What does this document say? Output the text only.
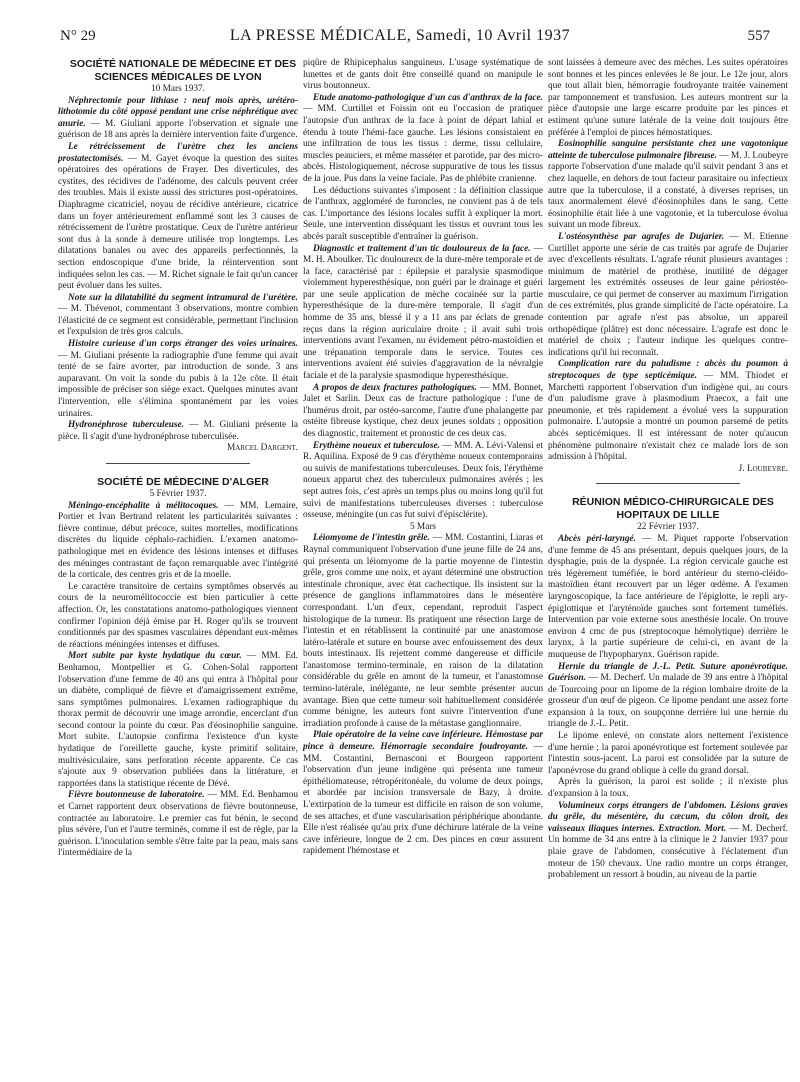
N° 29	LA PRESSE MÉDICALE, Samedi, 10 Avril 1937	557

SOCIÉTÉ NATIONALE DE MÉDECINE ET DES SCIENCES MÉDICALES DE LYON

10 Mars 1937.

Néphrectomie pour lithiase : neuf mois après, urétéro-lithotomie du côté opposé pendant une crise néphrétique avec anurie. — M. Giuliani apporte l'observation et signale une guérison de 18 ans après la dernière intervention faite d'urgence.

Le rétrécissement de l'urètre chez les anciens prostatectomisés. — M. Gayet évoque la question des suites opératoires des opérations de Frayer. Des diverticules, des cystites, des récidives de l'adénome, des calculs peuvent créer des troubles. Mais il existe aussi des strictures post-opératoires. Diaphragme cicatriciel, noyau de récidive antérieure, cicatrice dans un foyer antérieurement enflammé sont les 3 causes de rétrécissement de l'urètre prostatique. Ceux de l'urètre antérieur sont dus à la sonde à demeure utilisée trop longtemps. Les dilatations banales ou avec des appareils perfectionnés, la section endoscopique d'une bride, la réintervention sont indiquées selon les cas. — M. Richet signale le fait qu'un cancer peut évoluer dans les suites.

Note sur la dilatabilité du segment intramural de l'urétère. — M. Thévenot, commentant 3 observations, montre combien l'élasticité de ce segment est considérable, permettant l'inclusion et l'expulsion de très gros calculs.

Histoire curieuse d'un corps étranger des voies urinaires. — M. Giuliani présente la radiographie d'une femme qui avait tenté de se faire avorter, par introduction de sonde. 3 ans auparavant. On voit la sonde du pubis à la 12e côte. Il était impossible de préciser son siège exact. Quelques minutes avant l'intervention, elle s'élimina spontanément par les voies urinaires.

Hydronéphrose tuberculeuse. — M. Giuliani présente la pièce. Il s'agit d'une hydronéphrose tuberculisée.

Marcel Dargent.

SOCIÉTÉ DE MÉDECINE D'ALGER

5 Février 1937.

Méningo-encéphalite à mélitocoques. — MM. Lemaire, Portier et Ivan Bertrand relatent les particularités suivantes : fièvre continue, début précoce, suites mortelles, modifications discrètes du liquide céphalo-rachidien. L'examen anatomo-pathologique met en évidence des lésions intenses et diffuses des méninges contrastant de façon remarquable avec l'intégrité de la corticale, des centres gris et de la moelle.

Le caractère transitoire de certains symptômes observés au cours de la neuromélitococcie est bien particulier à cette affection. Or, les constatations anatomo-pathologiques viennent confirmer l'opinion déjà émise par H. Roger qu'ils se trouvent conditionnés par des spasmes vasculaires dépendant eux-mêmes de réactions méningées intenses et diffuses.

Mort subite par kyste hydatique du cœur. — MM. Ed. Benhamou, Montpellier et G. Cohen-Solal rapportent l'observation d'une femme de 40 ans qui entra à l'hôpital pour un diabète, compliqué de fièvre et d'amaigrissement extrême, sans symptômes pulmonaires. L'examen radiographique du thorax permit de découvrir une image arrondie, encerclant d'un second contour la pointe du cœur. Pas d'éosinophilie sanguine. Mort subite. L'autopsie confirma l'existence d'un kyste hydatique de l'oreillette gauche, kyste primitif solitaire, multivésiculaire, sans perforation récente apparente. Ce cas s'ajoute aux 9 observation publiées dans la littérature, et rapportées dans la statistique récente de Dévé.

Fièvre boutonneuse de laboratoire. — MM. Ed. Benhamou et Carnet rapportent deux observations de fièvre boutonneuse, contractée au laboratoire. Le premier cas fut bénin, le second plus sévère, l'un et l'autre terminés, comme il est de règle, par la guérison. L'inoculation semble s'être faite par la peau, mais sans l'intermédiaire de la

piqûre de Rhipicephalus sanguineus. L'usage systématique de lunettes et de gants doit être conseillé quand on manipule le virus boutonneux.

Etude anatomo-pathologique d'un cas d'anthrax de la face. — MM. Curtillet et Foissin ont eu l'occasion de pratiquer l'autopsie d'un anthrax de la face à point de départ labial et étendu à toute l'hémi-face gauche. Les lésions consistaient en une infiltration de tous les tissus : derme, tissu cellulaire, muscles peauciers, et même masséter et parotide, par des micro-abcès. Histologiquement, nécrose suppurative de tous les tissus de la joue. Pus dans la veine faciale. Pas de phlébite cranienne.

Les déductions suivantes s'imposent : la définition classique de l'anthrax, aggloméré de furoncles, ne convient pas à de tels cas. L'importance des lésions locales suffit à expliquer la mort. Seule, une intervention disséquant les tissus et ouvrant tous les abcès paraît susceptible d'entraîner la guérison.

Diagnostic et traitement d'un tic douloureux de la face. — M. H. Aboulker. Tic douloureux de la dure-mère temporale et de la face, caractérisé par : épilepsie et paralysie spasmodique violemment hyperesthésique, non guéri par le drainage et guéri par une seule application de mèche cocaïnée sur la partie hyperesthésique de la dure-mère temporale. Il s'agit d'un homme de 35 ans, blessé il y a 11 ans par éclats de grenade reçus dans la région auriculaire droite ; il avait subi trois interventions avant l'examen, nu évidement pétro-mastoïdien et une trépanation temporale dans le service. Toutes ces interventions avaient été suivies d'aggravation de la névralgie faciale et de la paralysie spasmodique hyperesthésique.

A propos de deux fractures pathologiques. — MM. Bonnet, Jalet et Sarlin. Deux cas de fracture pathologique : l'une de l'humérus droit, par ostéo-sarcome, l'autre d'une phalangette par ostéite fibreuse kystique, chez deux jeunes soldats ; opposition des diagnostic, traitement et pronostic de ces deux cas.

Erythème noueux et tuberculose. — MM. A. Lévi-Valensi et R. Aquilina. Exposé de 9 cas d'érythème noueux contemporains ou suivis de manifestations tuberculeuses. Deux fois, l'érythème noueux apparut chez des tuberculeux pulmonaires avérés ; les sept autres fois, c'est après un temps plus ou moins long qu'il fut suivi de manifestations tuberculeuses diverses : tuberculose osseuse, méningite (un cas fut suivi d'épisclérite).

5 Mars

Léiomyome de l'intestin grêle. — MM. Costantini, Liaras et Raynal communiquent l'observation d'une jeune fille de 24 ans, qui présenta un léiomyome de la partie moyenne de l'intestin grêle, gros comme une noix, et ayant déterminé une obstruction intestinale chronique, avec état cachectique. Ils insistent sur la présence de ganglions inflammatoires dans le mésentère correspondant. L'un d'eux, cependant, reproduit l'aspect histologique de la tumeur. Ils pratiquent une résection large de l'intestin et en rétablissent la continuité par une anastomose latéro-latérale et suture en bourse avec enfouissement des deux bouts intestinaux. Ils rejettent comme dangereuse et difficile l'anastomose termino-terminale, en raison de la dilatation considérable du grêle en amont de la tumeur, et l'anastomose termino-latérale, inélégante, ne leur semble présenter aucun avantage. Bien que cette tumeur soit habituellement considérée comme bénigne, les auteurs font suivre l'intervention d'une irradiation profonde à cause de la métastase ganglionnaire.

Plaie opératoire de la veine cave inférieure. Hémostase par pince à demeure. Hémorragie secondaire foudroyante. — MM. Costantini, Bernasconi et Bourgeon rapportent l'observation d'un jeune indigène qui présenta une tumeur épithéliomateuse, rétropéritonéale, du volume de deux poings, et abordée par incision transversale de Bazy, à droite. L'extirpation de la tumeur est difficile en raison de son volume, de ses attaches, et d'une vascularisation périphérique abondante. Elle n'est réalisée qu'au prix d'une déchirure latérale de la veine cave inférieure, longue de 2 cm. Des pinces en cœur assurent rapidement l'hémostase et

sont laissées à demeure avec des mèches. Les suites opératoires sont bonnes et les pinces enlevées le 8e jour. Le 12e jour, alors que tout allait bien, hémorragie foudroyante traitée vainement par tamponnement et transfusion. Les auteurs montrent sur la pièce d'autopsie une large escarre produite par les pinces et estiment qu'une suture latérale de la veine doit toujours être préférée à l'emploi de pinces hémostatiques.

Eosinophilie sanguine persistante chez une vagotonique atteinte de tuberculose pulmonaire fibreuse. — M. J. Loubeyre rapporte l'observation d'une malade qu'il suivit pendant 3 ans et chez laquelle, en dehors de tout facteur parasitaire ou infectieux autre que la tuberculose, il a constaté, à diverses reprises, un taux anormalement élevé d'éosinophiles dans le sang. Cette éosinophilie était liée à une vagotonie, et la tuberculose évolua suivant un mode fibreux.

L'ostéosynthèse par agrafes de Dujarier. — M. Etienne Curtillet apporte une série de cas traités par agrafe de Dujarier avec d'excellents résultats. L'agrafe réunit plusieurs avantages : minimum de matériel de prothèse, inutilité de dégager largement les extrémités osseuses de leur gaine périostéo-musculaire, ce qui permet de conserver au maximum l'irrigation de ces extrémités, plus grande simplicité de l'acte opératoire. La contention par agrafe n'est pas absolue, un appareil orthopédique (plâtre) est donc nécessaire. L'agrafe est donc le matériel de choix ; l'auteur indique les quelques contre-indications qu'il lui reconnaît.

Complication rare du paludisme : abcès du poumon à streptocoques de type septicémique. — MM. Thiodet et Marchetti rapportent l'observation d'un indigène qui, au cours d'un paludisme grave à plasmodium Praecox, a fait une pneumonie, et très rapidement a évolué vers la suppuration pulmonaire. L'autopsie a montré un poumon parsemé de petits abcès septicémiques. Il est intéressant de noter qu'aucun phénomène pulmonaire n'existait chez ce malade lors de son admission à l'hôpital.

J. Loubeyre.

RÉUNION MÉDICO-CHIRURGICALE DES HOPITAUX DE LILLE

22 Février 1937.

Abcès péri-laryngé. — M. Piquet rapporte l'observation d'une femme de 45 ans présentant, depuis quelques jours, de la dysphagie, puis de la dyspnée. La région cervicale gauche est très légèrement tuméfiée, le bord antérieur du sterno-cléido-mastoïdien étant recouvert par un léger œdème. A l'examen laryngoscopique, la face antérieure de l'épiglotte, le repli ary-épiglottique et l'aryténoïde gauches sont fortement tuméfiés. Intervention par voie externe sous anesthésie locale. On trouve environ 4 cmc de pus (streptocoque hémolytique) derrière le larynx, à la partie supérieure de celui-ci, en avant de la muqueuse de l'hypopharynx. Guérison rapide.

Hernie du triangle de J.-L. Petit. Suture aponévrotique. Guérison. — M. Decherf. Un malade de 39 ans entre à l'hôpital de Tourcoing pour un lipome de la région lombaire droite de la grosseur d'un œuf de pigeon. Ce lipome pendant une assez forte expansion à la toux, on soupçonne derrière lui une hernie du triangle de J.-L. Petit.

Le lipome enlevé, on constate alors nettement l'existence d'une hernie ; la paroi aponévrotique est fortement soulevée par l'intestin sous-jacent. La paroi est consolidée par la suture de l'aponévrose du grand oblique à celle du grand dorsal.

Après la guérison, la paroi est solide ; il n'existe plus d'expansion à la toux.

Volumineux corps étrangers de l'abdomen. Lésions graves du grêle, du mésentère, du cæcum, du côlon droit, des vaisseaux iliaques internes. Extraction. Mort. — M. Decherf. Un homme de 34 ans entre à la clinique le 2 Janvier 1937 pour plaie grave de l'abdomen, consécutive à l'éclatement d'un moteur de 150 chevaux. Une radio montre un corps étranger, probablement un ressort à boudin, au niveau de la partie
